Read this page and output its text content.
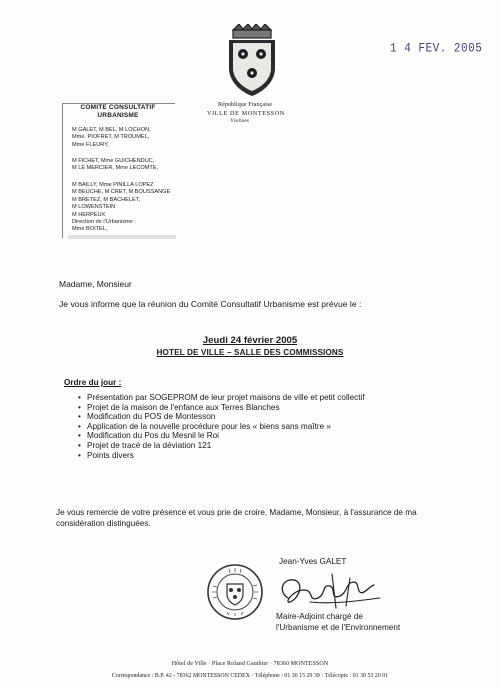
1 4 FEV. 2005
République Française
VILLE DE MONTESSON
Yvelines
COMITE CONSULTATIF
URBANISME
M GALET, M BEL, M LOCHON,
Mme. PIOFRET, M TROUMEL,
Mme FLEURY,
M FICHET, Mme GUICHENDUC,
M LE MERCIER, Mme LECOMTE,
M BAILLY, Mme PINILLA LOPEZ
M BEUCHE, M CRET, M BOUSSANGE
M BRETEZ, M BACHELET,
M LOWENSTEIN
M HERPEUX
Direction de l'Urbanisme :
Mme BOITEL,
Madame, Monsieur
Je vous informe que la réunion du Comité Consultatif Urbanisme est prévue le :
Jeudi 24 février 2005
HOTEL DE VILLE – SALLE DES COMMISSIONS
Ordre du jour :
• Présentation par SOGEPROM de leur projet maisons de ville et petit collectif
• Projet de la maison de l'enfance aux Terres Blanches
• Modification du POS de Montesson
• Application de la nouvelle procédure pour les « biens sans maître »
• Modification du Pos du Mesnil le Roi
• Projet de tracé de la déviation 121
• Points divers
Je vous remercie de votre présence et vous prie de croire, Madame, Monsieur, à l'assurance de ma considération distinguées.
Jean-Yves GALET
Maire-Adjoint chargé de
l'Urbanisme et de l'Environnement
Hôtel de Ville · Place Roland Gauthier · 78360 MONTESSON
Correspondance : B.P. 42 - 78362 MONTESSON CEDEX · Téléphone : 01 30 15 29 39 · Télécopie : 01 30 53 20 01
